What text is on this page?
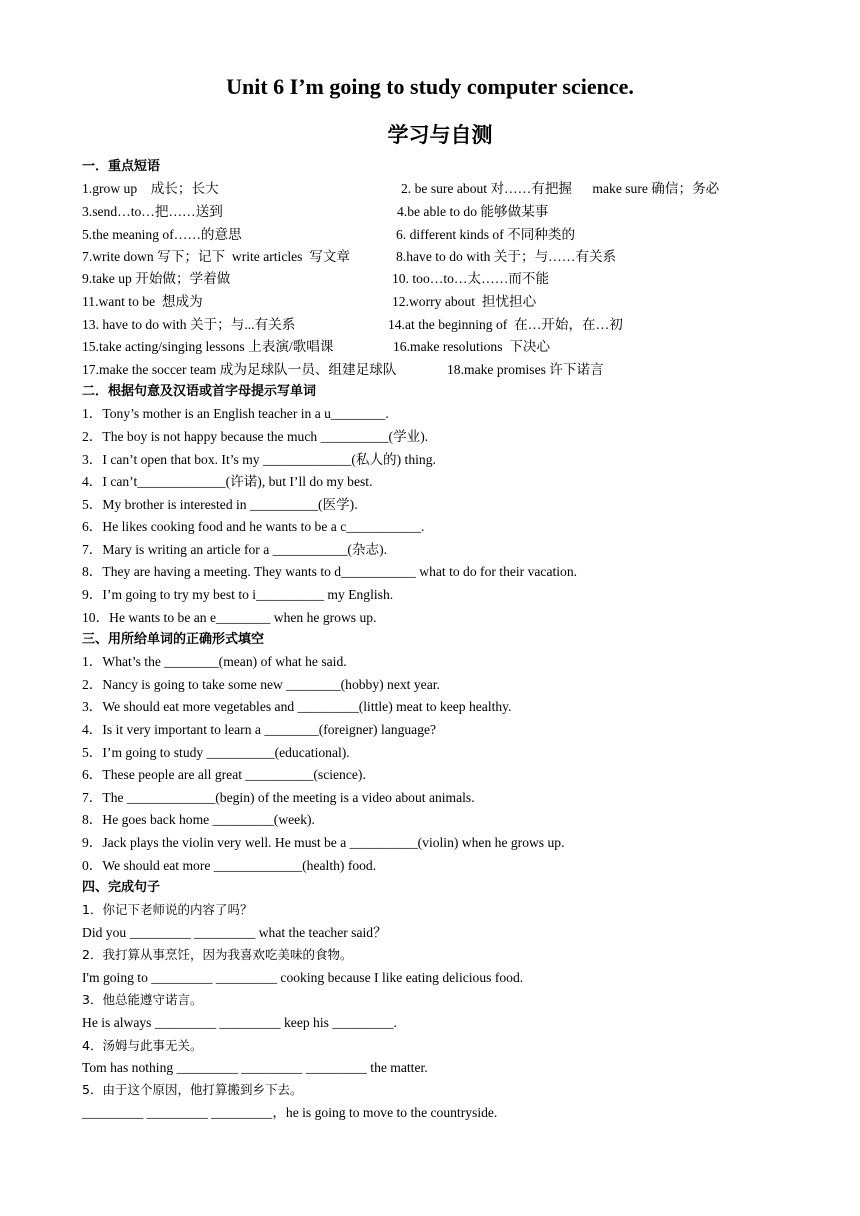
Unit 6 I’m going to study computer science.
学习与自测
一．重点短语
1.grow up    成长；长大	2. be sure about 对……有把握      make sure 确信；务必
3.send…to…把……送到	4.be able to do 能够做某事
5.the meaning of……的意思	6. different kinds of 不同种类的
7.write down 写下；记下  write articles  写文章	8.have to do with 关于；与……有关系
9.take up 开始做；学着做	10. too…to…太……而不能
11.want to be  想成为	12.worry about  担忧担心
13. have to do with 关于；与...有关系	14.at the beginning of  在…开始，在…初
15.take acting/singing lessons 上表演/歌唱课	16.make resolutions  下决心
17.make the soccer team 成为足球队一员、组建足球队	18.make promises 许下诺言
二．根据句意及汉语或首字母提示写单词
1．Tony’s mother is an English teacher in a u________.
2．The boy is not happy because the much __________(学业).
3．I can’t open that box. It’s my _____________(私人的) thing.
4．I can’t_____________(许诺), but I’ll do my best.
5．My brother is interested in __________(医学).
6．He likes cooking food and he wants to be a c___________.
7．Mary is writing an article for a ___________(杂志).
8．They are having a meeting. They wants to d___________ what to do for their vacation.
9．I’m going to try my best to i__________ my English.
10．He wants to be an e________ when he grows up.
三、用所给单词的正确形式填空
1．What’s the ________(mean) of what he said.
2．Nancy is going to take some new ________(hobby) next year.
3．We should eat more vegetables and _________(little) meat to keep healthy.
4．Is it very important to learn a ________(foreigner) language?
5．I’m going to study __________(educational).
6．These people are all great __________(science).
7．The _____________(begin) of the meeting is a video about animals.
8．He goes back home _________(week).
9．Jack plays the violin very well. He must be a __________(violin) when he grows up.
0．We should eat more _____________(health) food.
四、完成句子
1．你记下老师说的内容了吗？
Did you _________ _________ what the teacher said？
2．我打算从事烹饪，因为我喜欢吃美味的食物。
I'm going to _________ _________ cooking because I like eating delicious food.
3．他总能遵守诺言。
He is always _________ _________ keep his _________.
4．汤姆与此事无关。
Tom has nothing _________ _________ _________ the matter.
5．由于这个原因，他打算搬到乡下去。
_________ _________ _________，he is going to move to the countryside.
